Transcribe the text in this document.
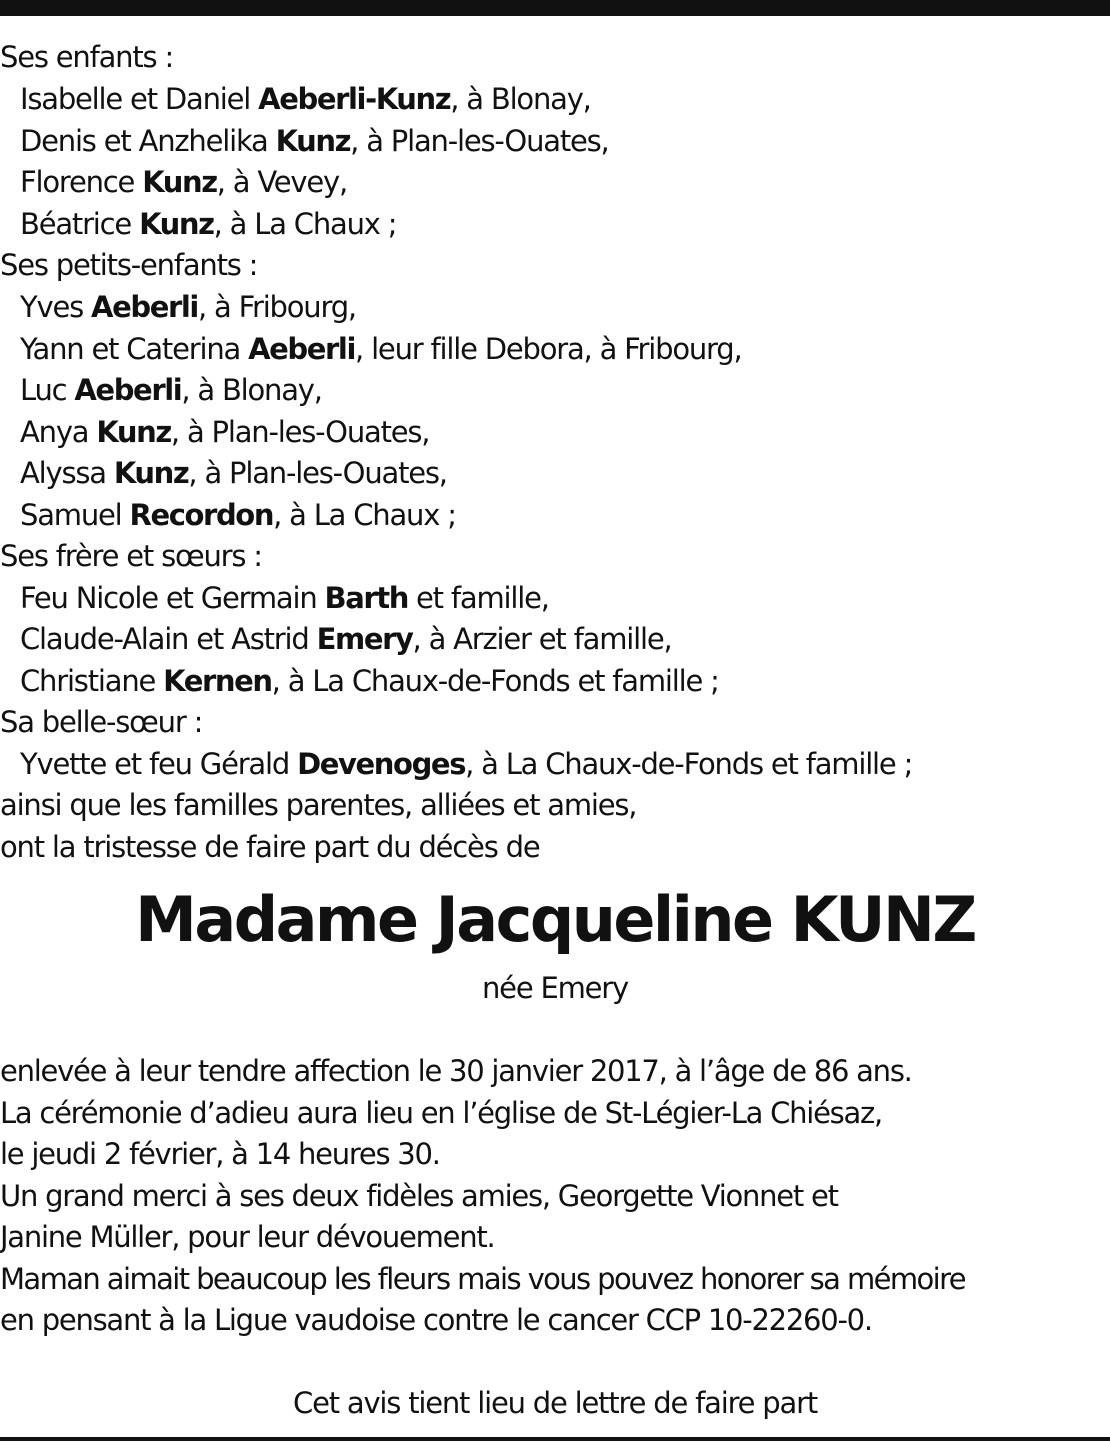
Ses enfants :
Isabelle et Daniel Aeberli-Kunz, à Blonay,
Denis et Anzhelika Kunz, à Plan-les-Ouates,
Florence Kunz, à Vevey,
Béatrice Kunz, à La Chaux ;
Ses petits-enfants :
Yves Aeberli, à Fribourg,
Yann et Caterina Aeberli, leur fille Debora, à Fribourg,
Luc Aeberli, à Blonay,
Anya Kunz, à Plan-les-Ouates,
Alyssa Kunz, à Plan-les-Ouates,
Samuel Recordon, à La Chaux ;
Ses frère et sœurs :
Feu Nicole et Germain Barth et famille,
Claude-Alain et Astrid Emery, à Arzier et famille,
Christiane Kernen, à La Chaux-de-Fonds et famille ;
Sa belle-sœur :
Yvette et feu Gérald Devenoges, à La Chaux-de-Fonds et famille ;
ainsi que les familles parentes, alliées et amies,
ont la tristesse de faire part du décès de
Madame Jacqueline KUNZ
née Emery
enlevée à leur tendre affection le 30 janvier 2017, à l’âge de 86 ans.
La cérémonie d’adieu aura lieu en l’église de St-Légier-La Chiésaz,
le jeudi 2 février, à 14 heures 30.
Un grand merci à ses deux fidèles amies, Georgette Vionnet et
Janine Müller, pour leur dévouement.
Maman aimait beaucoup les fleurs mais vous pouvez honorer sa mémoire
en pensant à la Ligue vaudoise contre le cancer CCP 10-22260-0.
Cet avis tient lieu de lettre de faire part
